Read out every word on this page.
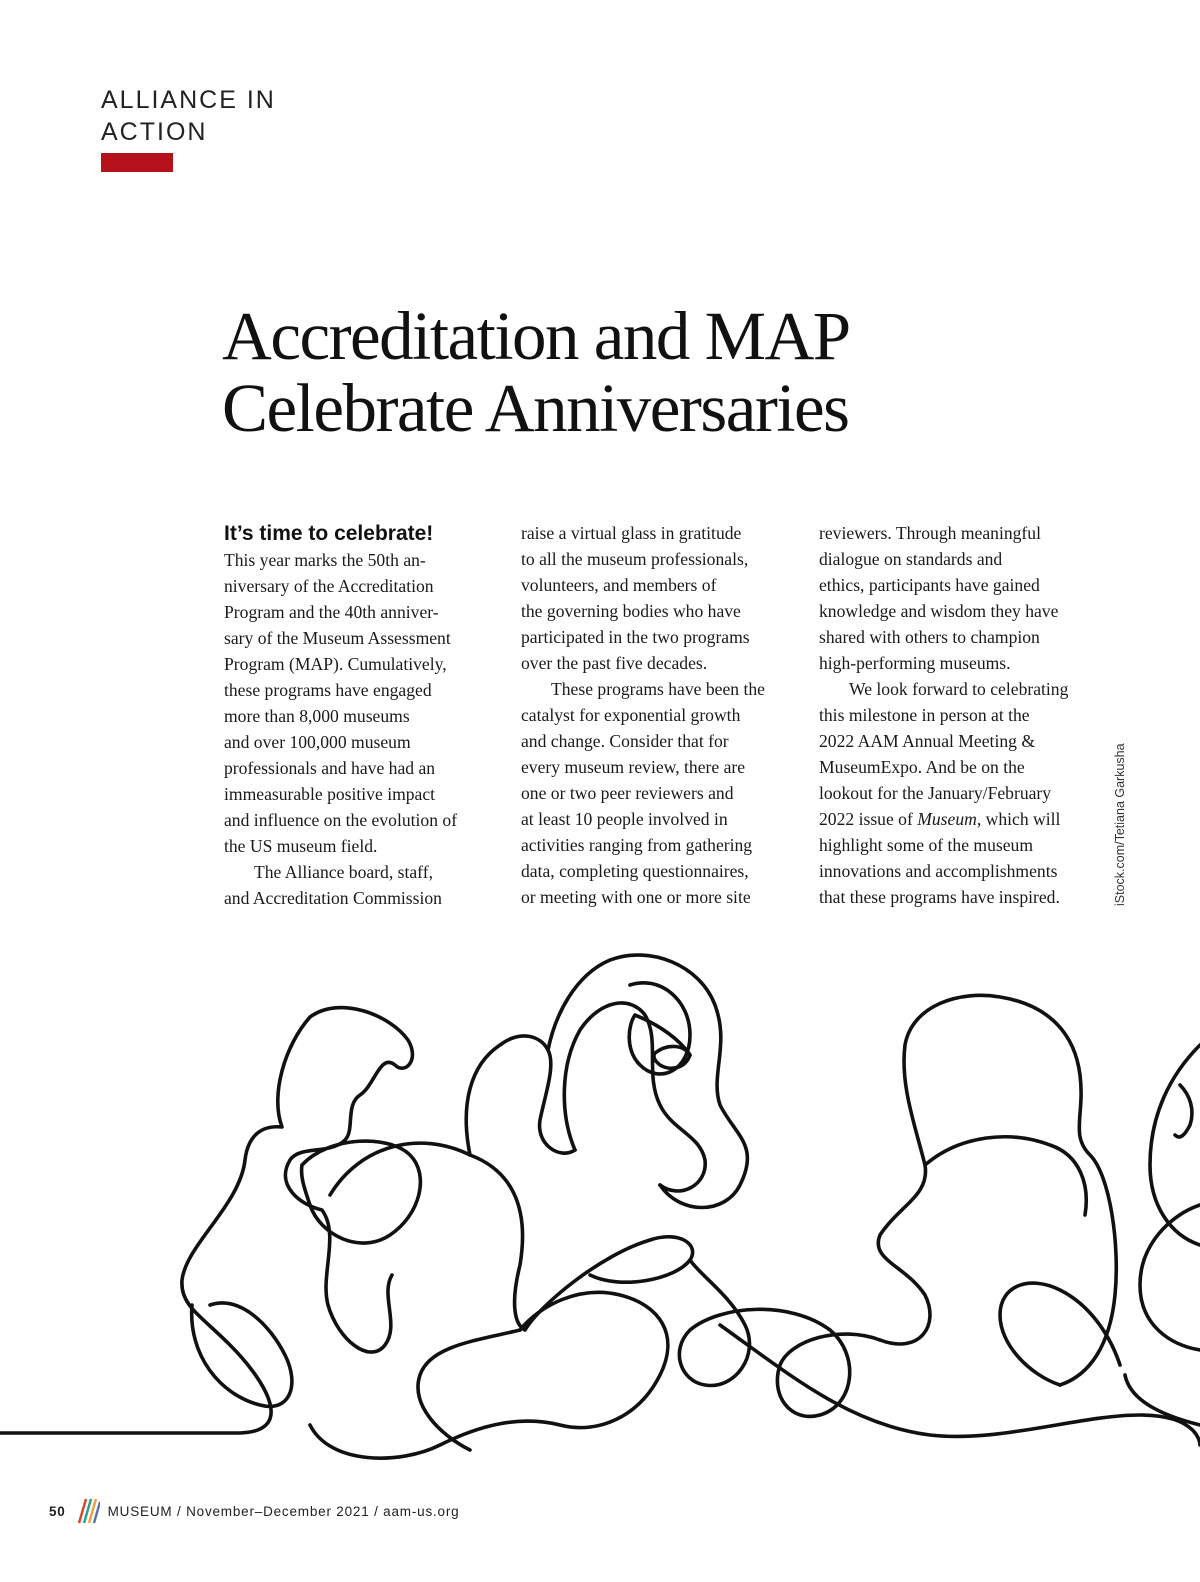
ALLIANCE IN
ACTION
Accreditation and MAP
Celebrate Anniversaries
It’s time to celebrate!
This year marks the 50th an-
niversary of the Accreditation
Program and the 40th anniver-
sary of the Museum Assessment
Program (MAP). Cumulatively,
these programs have engaged
more than 8,000 museums
and over 100,000 museum
professionals and have had an
immeasurable positive impact
and influence on the evolution of
the US museum field.
The Alliance board, staff,
and Accreditation Commission
raise a virtual glass in gratitude
to all the museum professionals,
volunteers, and members of
the governing bodies who have
participated in the two programs
over the past five decades.
These programs have been the
catalyst for exponential growth
and change. Consider that for
every museum review, there are
one or two peer reviewers and
at least 10 people involved in
activities ranging from gathering
data, completing questionnaires,
or meeting with one or more site
reviewers. Through meaningful
dialogue on standards and
ethics, participants have gained
knowledge and wisdom they have
shared with others to champion
high-performing museums.
We look forward to celebrating
this milestone in person at the
2022 AAM Annual Meeting &
MuseumExpo. And be on the
lookout for the January/February
2022 issue of Museum, which will
highlight some of the museum
innovations and accomplishments
that these programs have inspired.	iStock.com/Tetiana Garkusha
50	MUSEUM / November–December 2021 / aam-us.org
